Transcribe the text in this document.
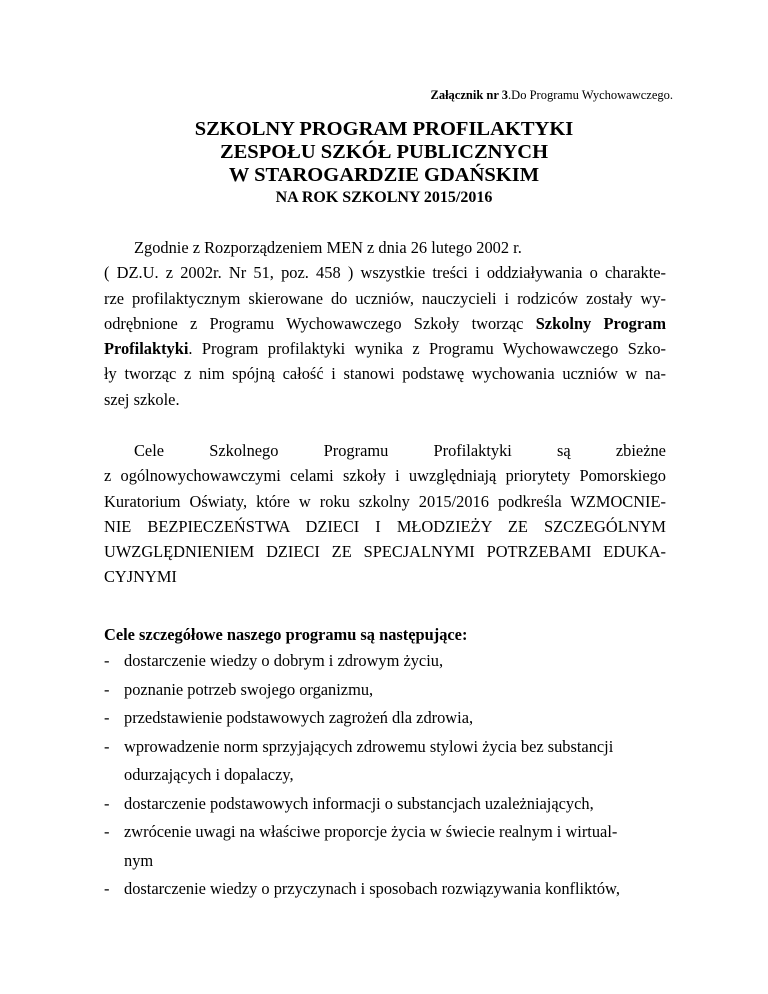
Załącznik nr 3.Do Programu Wychowawczego.
SZKOLNY PROGRAM PROFILAKTYKI
ZESPOŁU SZKÓŁ PUBLICZNYCH
W STAROGARDZIE GDAŃSKIM
NA ROK SZKOLNY 2015/2016
Zgodnie z Rozporządzeniem MEN z dnia 26 lutego 2002 r.
( DZ.U. z 2002r. Nr 51, poz. 458 ) wszystkie treści i oddziaływania o charakte-
rze profilaktycznym skierowane do uczniów, nauczycieli i rodziców zostały wy-
odrębnione z Programu Wychowawczego Szkoły tworząc Szkolny Program
Profilaktyki. Program profilaktyki wynika z Programu Wychowawczego Szko-
ły tworząc z nim spójną całość i stanowi podstawę wychowania uczniów w na-
szej szkole.
Cele	Szkolnego	Programu	Profilaktyki	są	zbieżne
z ogólnowychowawczymi celami szkoły i uwzględniają priorytety Pomorskiego
Kuratorium Oświaty, które w roku szkolny 2015/2016 podkreśla WZMOCNIE-
NIE BEZPIECZEŃSTWA DZIECI I MŁODZIEŻY ZE SZCZEGÓLNYM
UWZGLĘDNIENIEM DZIECI ZE SPECJALNYMI POTRZEBAMI EDUKA-
CYJNYMI
Cele szczegółowe naszego programu są następujące:
- dostarczenie wiedzy o dobrym i zdrowym życiu,
- poznanie potrzeb swojego organizmu,
- przedstawienie podstawowych zagrożeń dla zdrowia,
- wprowadzenie norm sprzyjających zdrowemu stylowi życia bez substancji
odurzających i dopalaczy,
- dostarczenie podstawowych informacji o substancjach uzależniających,
- zwrócenie uwagi na właściwe proporcje życia w świecie realnym i wirtual-
nym
- dostarczenie wiedzy o przyczynach i sposobach rozwiązywania konfliktów,
